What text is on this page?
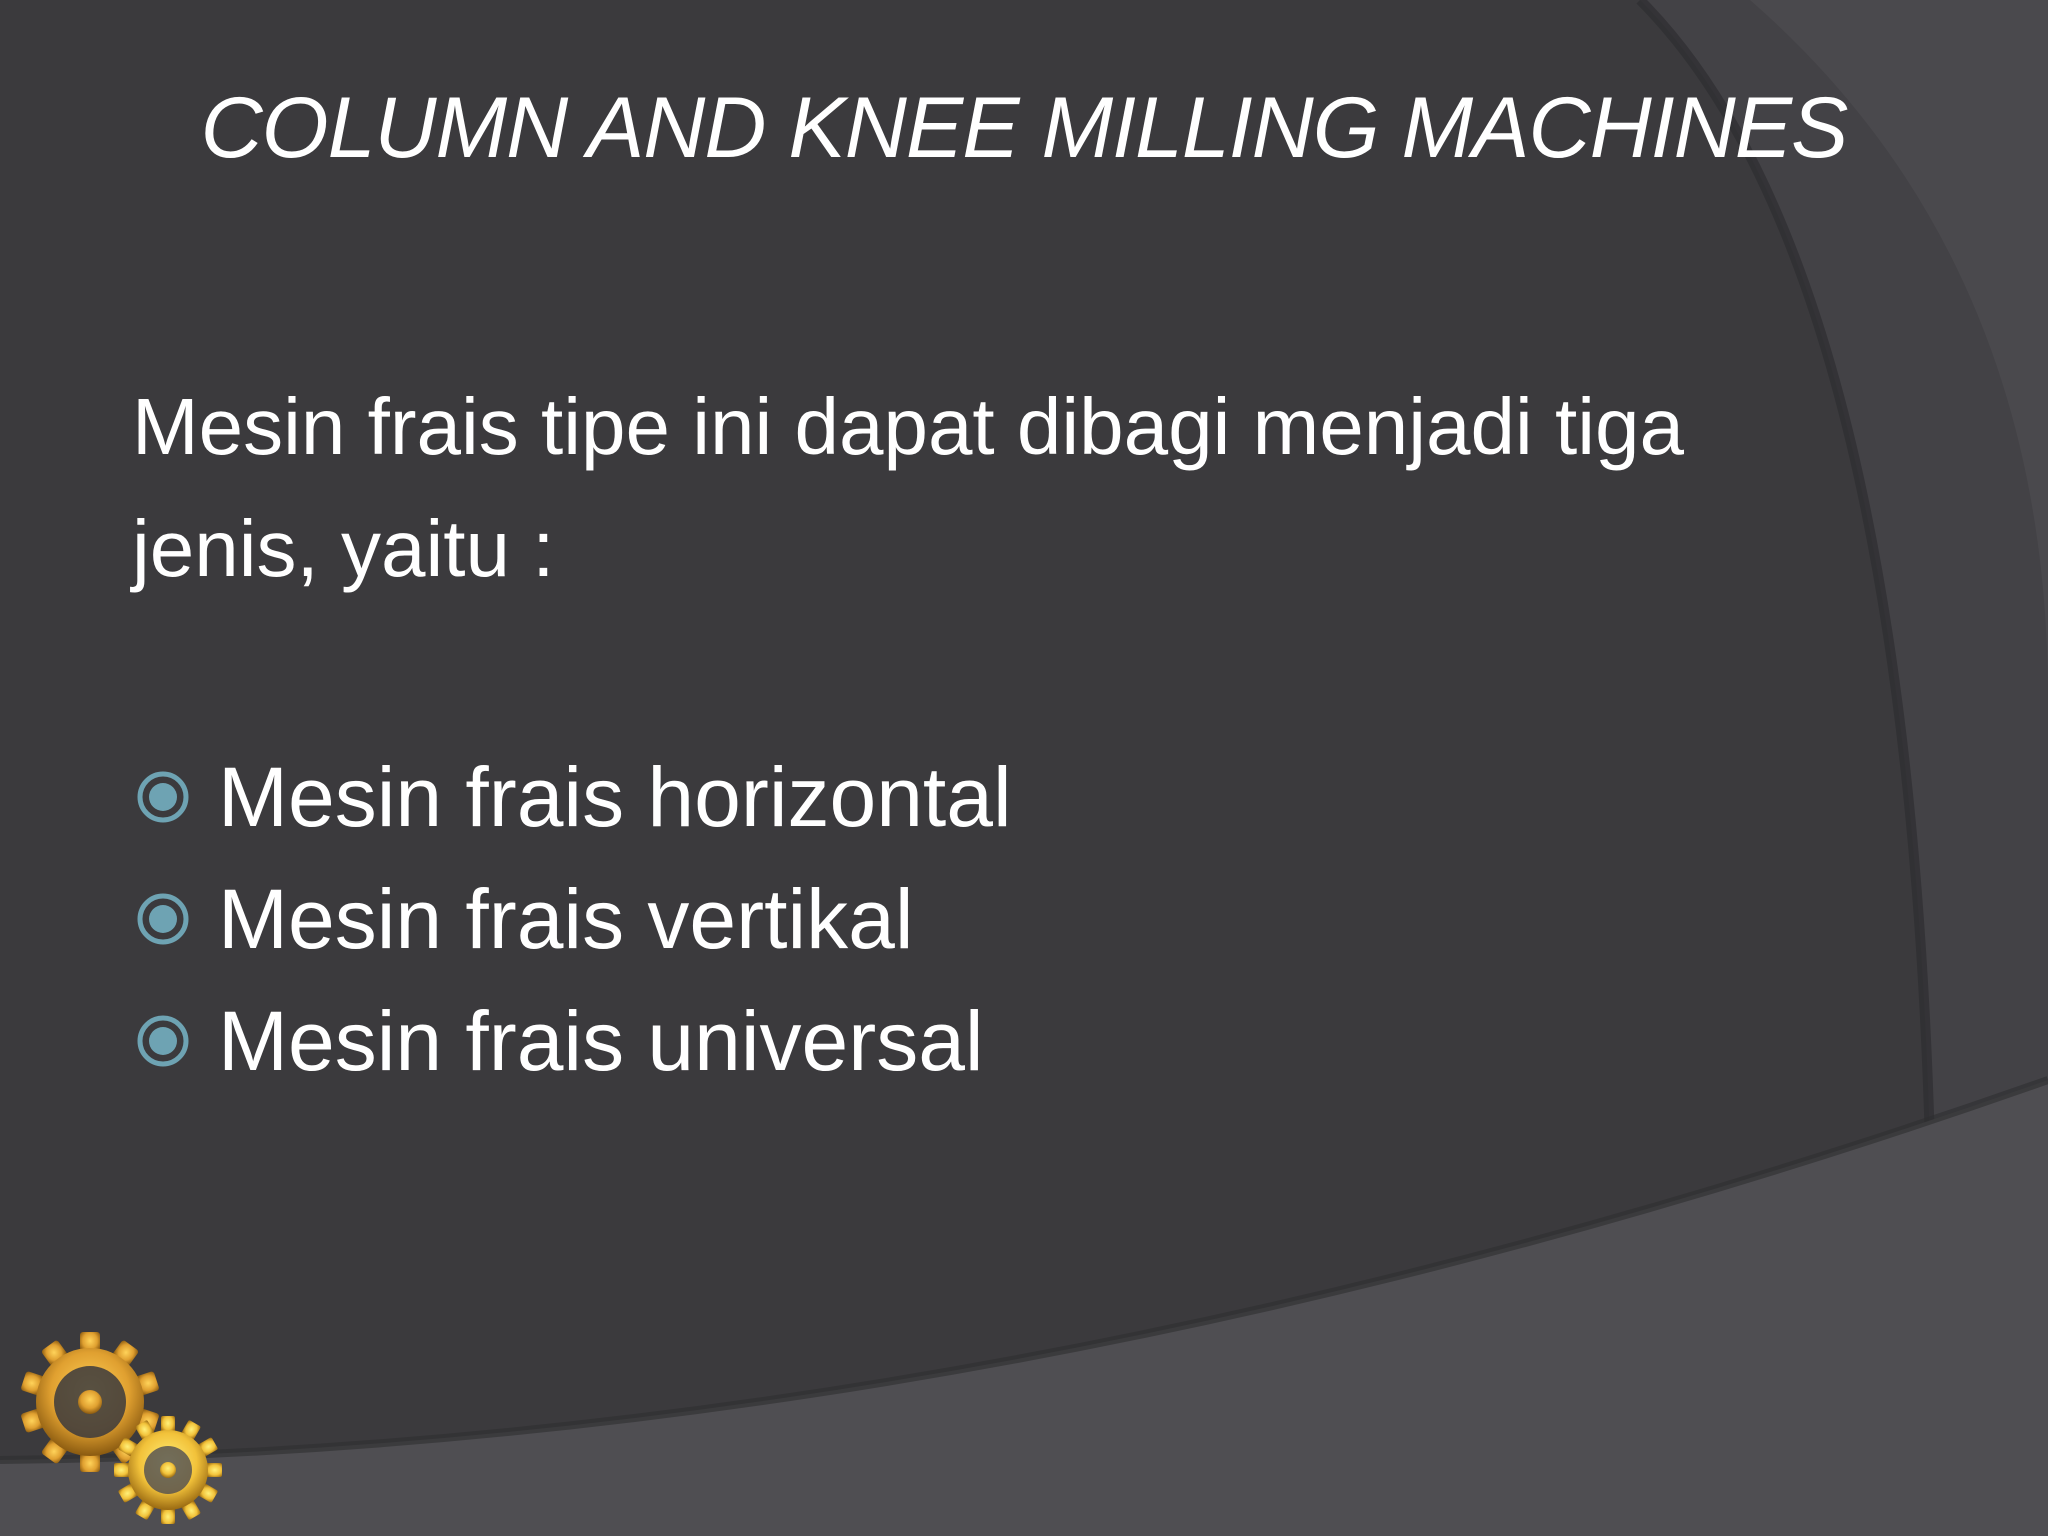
COLUMN AND KNEE MILLING MACHINES
Mesin frais tipe ini dapat dibagi menjadi tiga
jenis, yaitu :
Mesin frais horizontal
Mesin frais vertikal
Mesin frais universal
